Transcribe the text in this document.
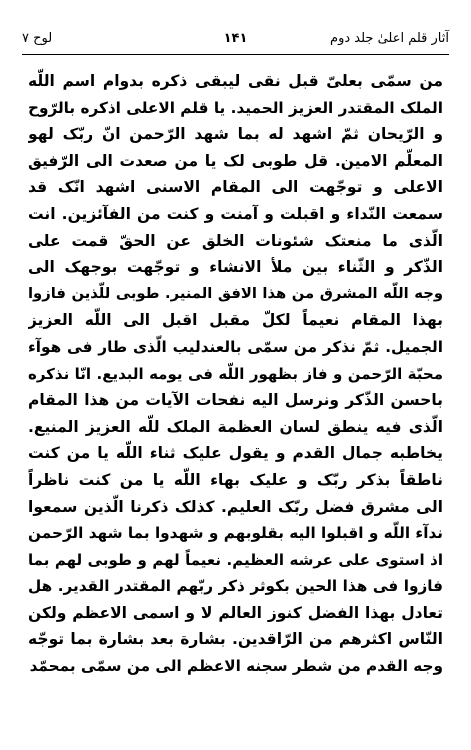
آثار قلم اعلیٰ جلد دوم
۱۴۱
لوح ۷
من سمّی بعلیّ قبل نقی لیبقی ذکره بدوام اسم اللّه
الملک المقتدر العزیز الحمید. یا قلم الاعلی اذکره بالرّوح
و الرّیحان ثمّ اشهد له بما شهد الرّحمن انّ ربّک لهو
المعلّم الامین. قل طوبی لک یا من صعدت الی الرّفیق
الاعلی و توجّهت الی المقام الاسنی اشهد انّک قد
سمعت النّداء و اقبلت و آمنت و کنت من الفآئزین. انت
الّذی ما منعتک شئونات الخلق عن الحقّ قمت علی
الذّکر و الثّناء بین ملأ الانشاء و توجّهت بوجهک الی
وجه اللّه المشرق من هذا الافق المنیر. طوبی للّذین فازوا
بهذا المقام نعیماً لکلّ مقبل اقبل الی اللّه العزیز
الجمیل. ثمّ نذکر من سمّی بالعندلیب الّذی طار فی هوآء
محبّة الرّحمن و فاز بظهور اللّه فی یومه البدیع. انّا نذکره
باحسن الذّکر ونرسل الیه نفحات الآیات من هذا المقام
الّذی فیه ینطق لسان العظمة الملک للّه العزیز المنیع.
یخاطبه جمال القدم و یقول علیک ثناء اللّه یا من کنت
ناطقاً بذکر ربّک و علیک بهاء اللّه یا من کنت ناظراً
الی مشرق فضل ربّک العلیم. کذلک ذکرنا الّذین سمعوا
ندآء اللّه و اقبلوا الیه بقلوبهم و شهدوا بما شهد الرّحمن
اذ استوی علی عرشه العظیم. نعیماً لهم و طوبی لهم بما
فازوا فی هذا الحین بکوثر ذکر ربّهم المقتدر القدیر. هل
تعادل بهذا الفضل کنوز العالم لا و اسمی الاعظم ولکن
النّاس اکثرهم من الرّاقدین. بشارة بعد بشارة بما توجّه
وجه القدم من شطر سجنه الاعظم الی من سمّی بمحمّد
